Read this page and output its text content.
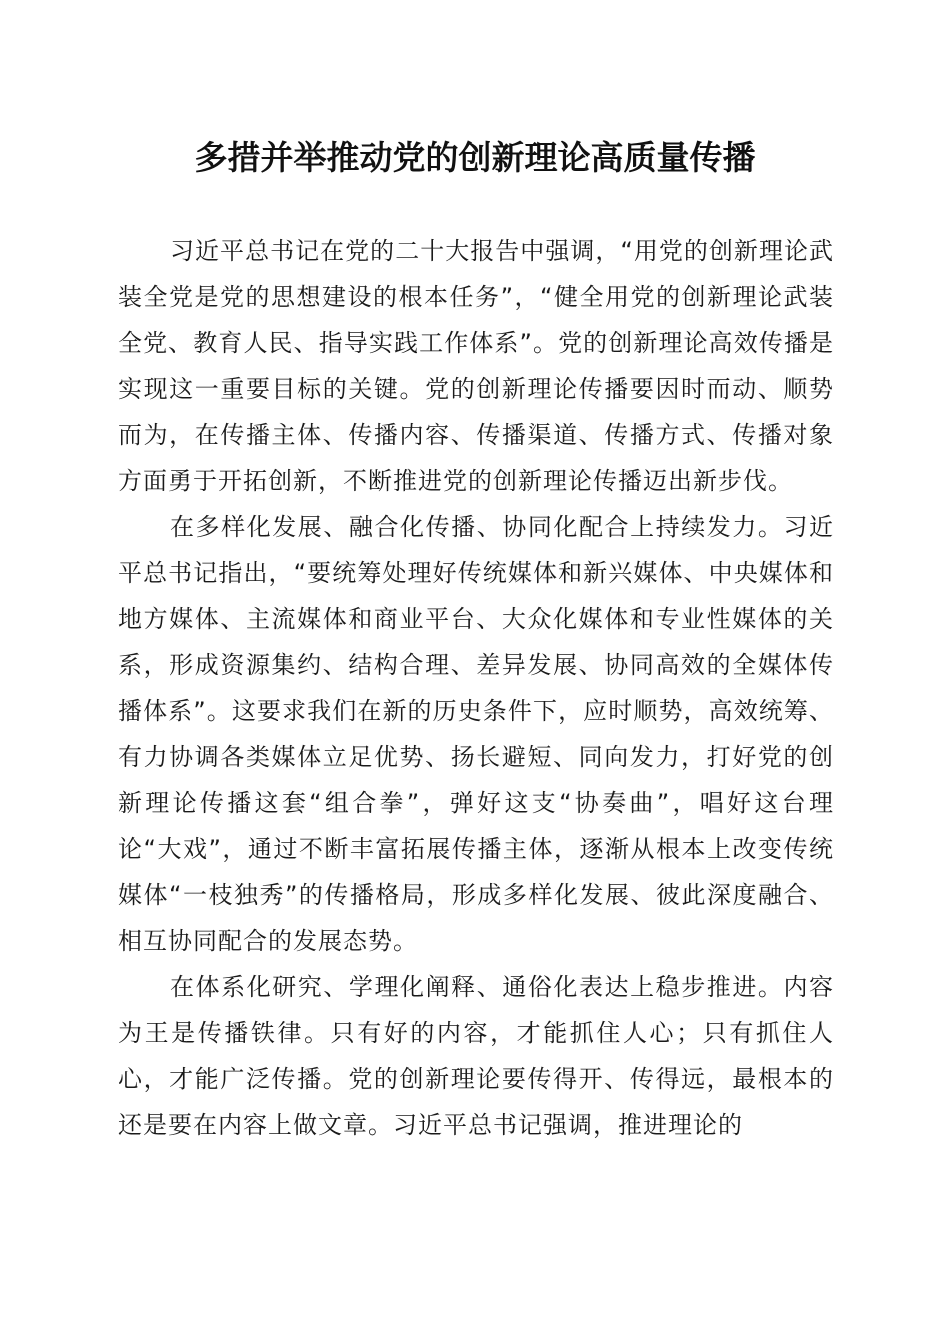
多措并举推动党的创新理论高质量传播

习近平总书记在党的二十大报告中强调，“用党的创新理论武装全党是党的思想建设的根本任务”，“健全用党的创新理论武装全党、教育人民、指导实践工作体系”。党的创新理论高效传播是实现这一重要目标的关键。党的创新理论传播要因时而动、顺势而为，在传播主体、传播内容、传播渠道、传播方式、传播对象方面勇于开拓创新，不断推进党的创新理论传播迈出新步伐。

在多样化发展、融合化传播、协同化配合上持续发力。习近平总书记指出，“要统筹处理好传统媒体和新兴媒体、中央媒体和地方媒体、主流媒体和商业平台、大众化媒体和专业性媒体的关系，形成资源集约、结构合理、差异发展、协同高效的全媒体传播体系”。这要求我们在新的历史条件下，应时顺势，高效统筹、有力协调各类媒体立足优势、扬长避短、同向发力，打好党的创新理论传播这套“组合拳”，弹好这支“协奏曲”，唱好这台理论“大戏”，通过不断丰富拓展传播主体，逐渐从根本上改变传统媒体“一枝独秀”的传播格局，形成多样化发展、彼此深度融合、相互协同配合的发展态势。

在体系化研究、学理化阐释、通俗化表达上稳步推进。内容为王是传播铁律。只有好的内容，才能抓住人心；只有抓住人心，才能广泛传播。党的创新理论要传得开、传得远，最根本的还是要在内容上做文章。习近平总书记强调，推进理论的
